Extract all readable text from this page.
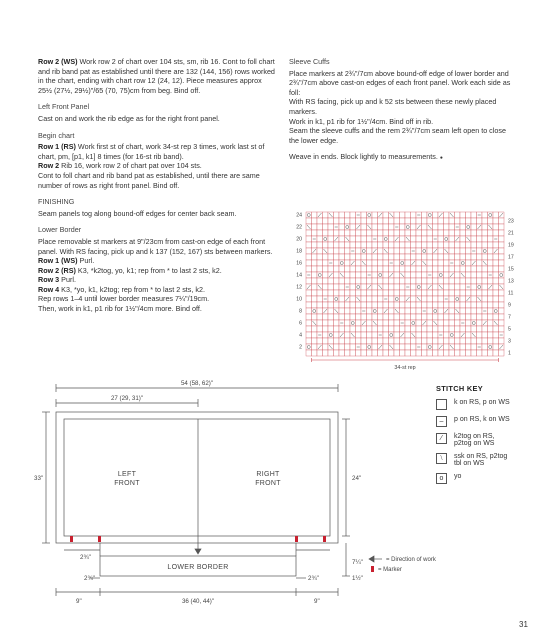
Row 2 (WS) Work row 2 of chart over 104 sts, sm, rib 16. Cont to foll chart and rib band pat as established until there are 132 (144, 156) rows worked in the chart, ending with chart row 12 (24, 12). Piece measures approx 25½ (27½, 29½)"/65 (70, 75)cm from beg. Bind off.

Left Front Panel
Cast on and work the rib edge as for the right front panel.

Begin chart
Row 1 (RS) Work first st of chart, work 34-st rep 3 times, work last st of chart, pm, [p1, k1] 8 times (for 16-st rib band).
Row 2 Rib 16, work row 2 of chart pat over 104 sts.
Cont to foll chart and rib band pat as established, until there are same number of rows as right front panel. Bind off.

FINISHING
Seam panels tog along bound-off edges for center back seam.

Lower Border
Place removable st markers at 9"/23cm from cast-on edge of each front panel. With RS facing, pick up and k 137 (152, 167) sts between markers.
Row 1 (WS) Purl.
Row 2 (RS) K3, *k2tog, yo, k1; rep from * to last 2 sts, k2.
Row 3 Purl.
Row 4 K3, *yo, k1, k2tog; rep from * to last 2 sts, k2.
Rep rows 1–4 until lower border measures 7¼"/19cm.
Then, work in k1, p1 rib for 1½"/4cm more. Bind off.

Sleeve Cuffs
Place markers at 2¾"/7cm above bound-off edge of lower border and 2¾"/7cm above cast-on edges of each front panel. Work each side as foll:
With RS facing, pick up and k 52 sts between these newly placed markers.
Work in k1, p1 rib for 1½"/4cm. Bind off in rib.
Seam the sleeve cuffs and the rem 2¾"/7cm seam left open to close the lower edge.

Weave in ends. Block lightly to measurements. ●

24
22
20
18
16
14
12
10
8
6
4
2
23
21
19
17
15
13
11
9
7
5
3
1
34-st rep
STITCH KEY
k on RS, p on WS
–	p on RS, k on WS
⁄	k2tog on RS, p2tog on WS
⧵	ssk on RS, p2tog tbl on WS
o	yo
54 (58, 62)"
27 (29, 31)"
33"	24"
2¾"
2¾"	2¾"
7¼"
1½"
9"	9"
36 (40, 44)"
= Direction of work
= Marker
LEFT
FRONT
RIGHT
FRONT
LOWER BORDER
31
